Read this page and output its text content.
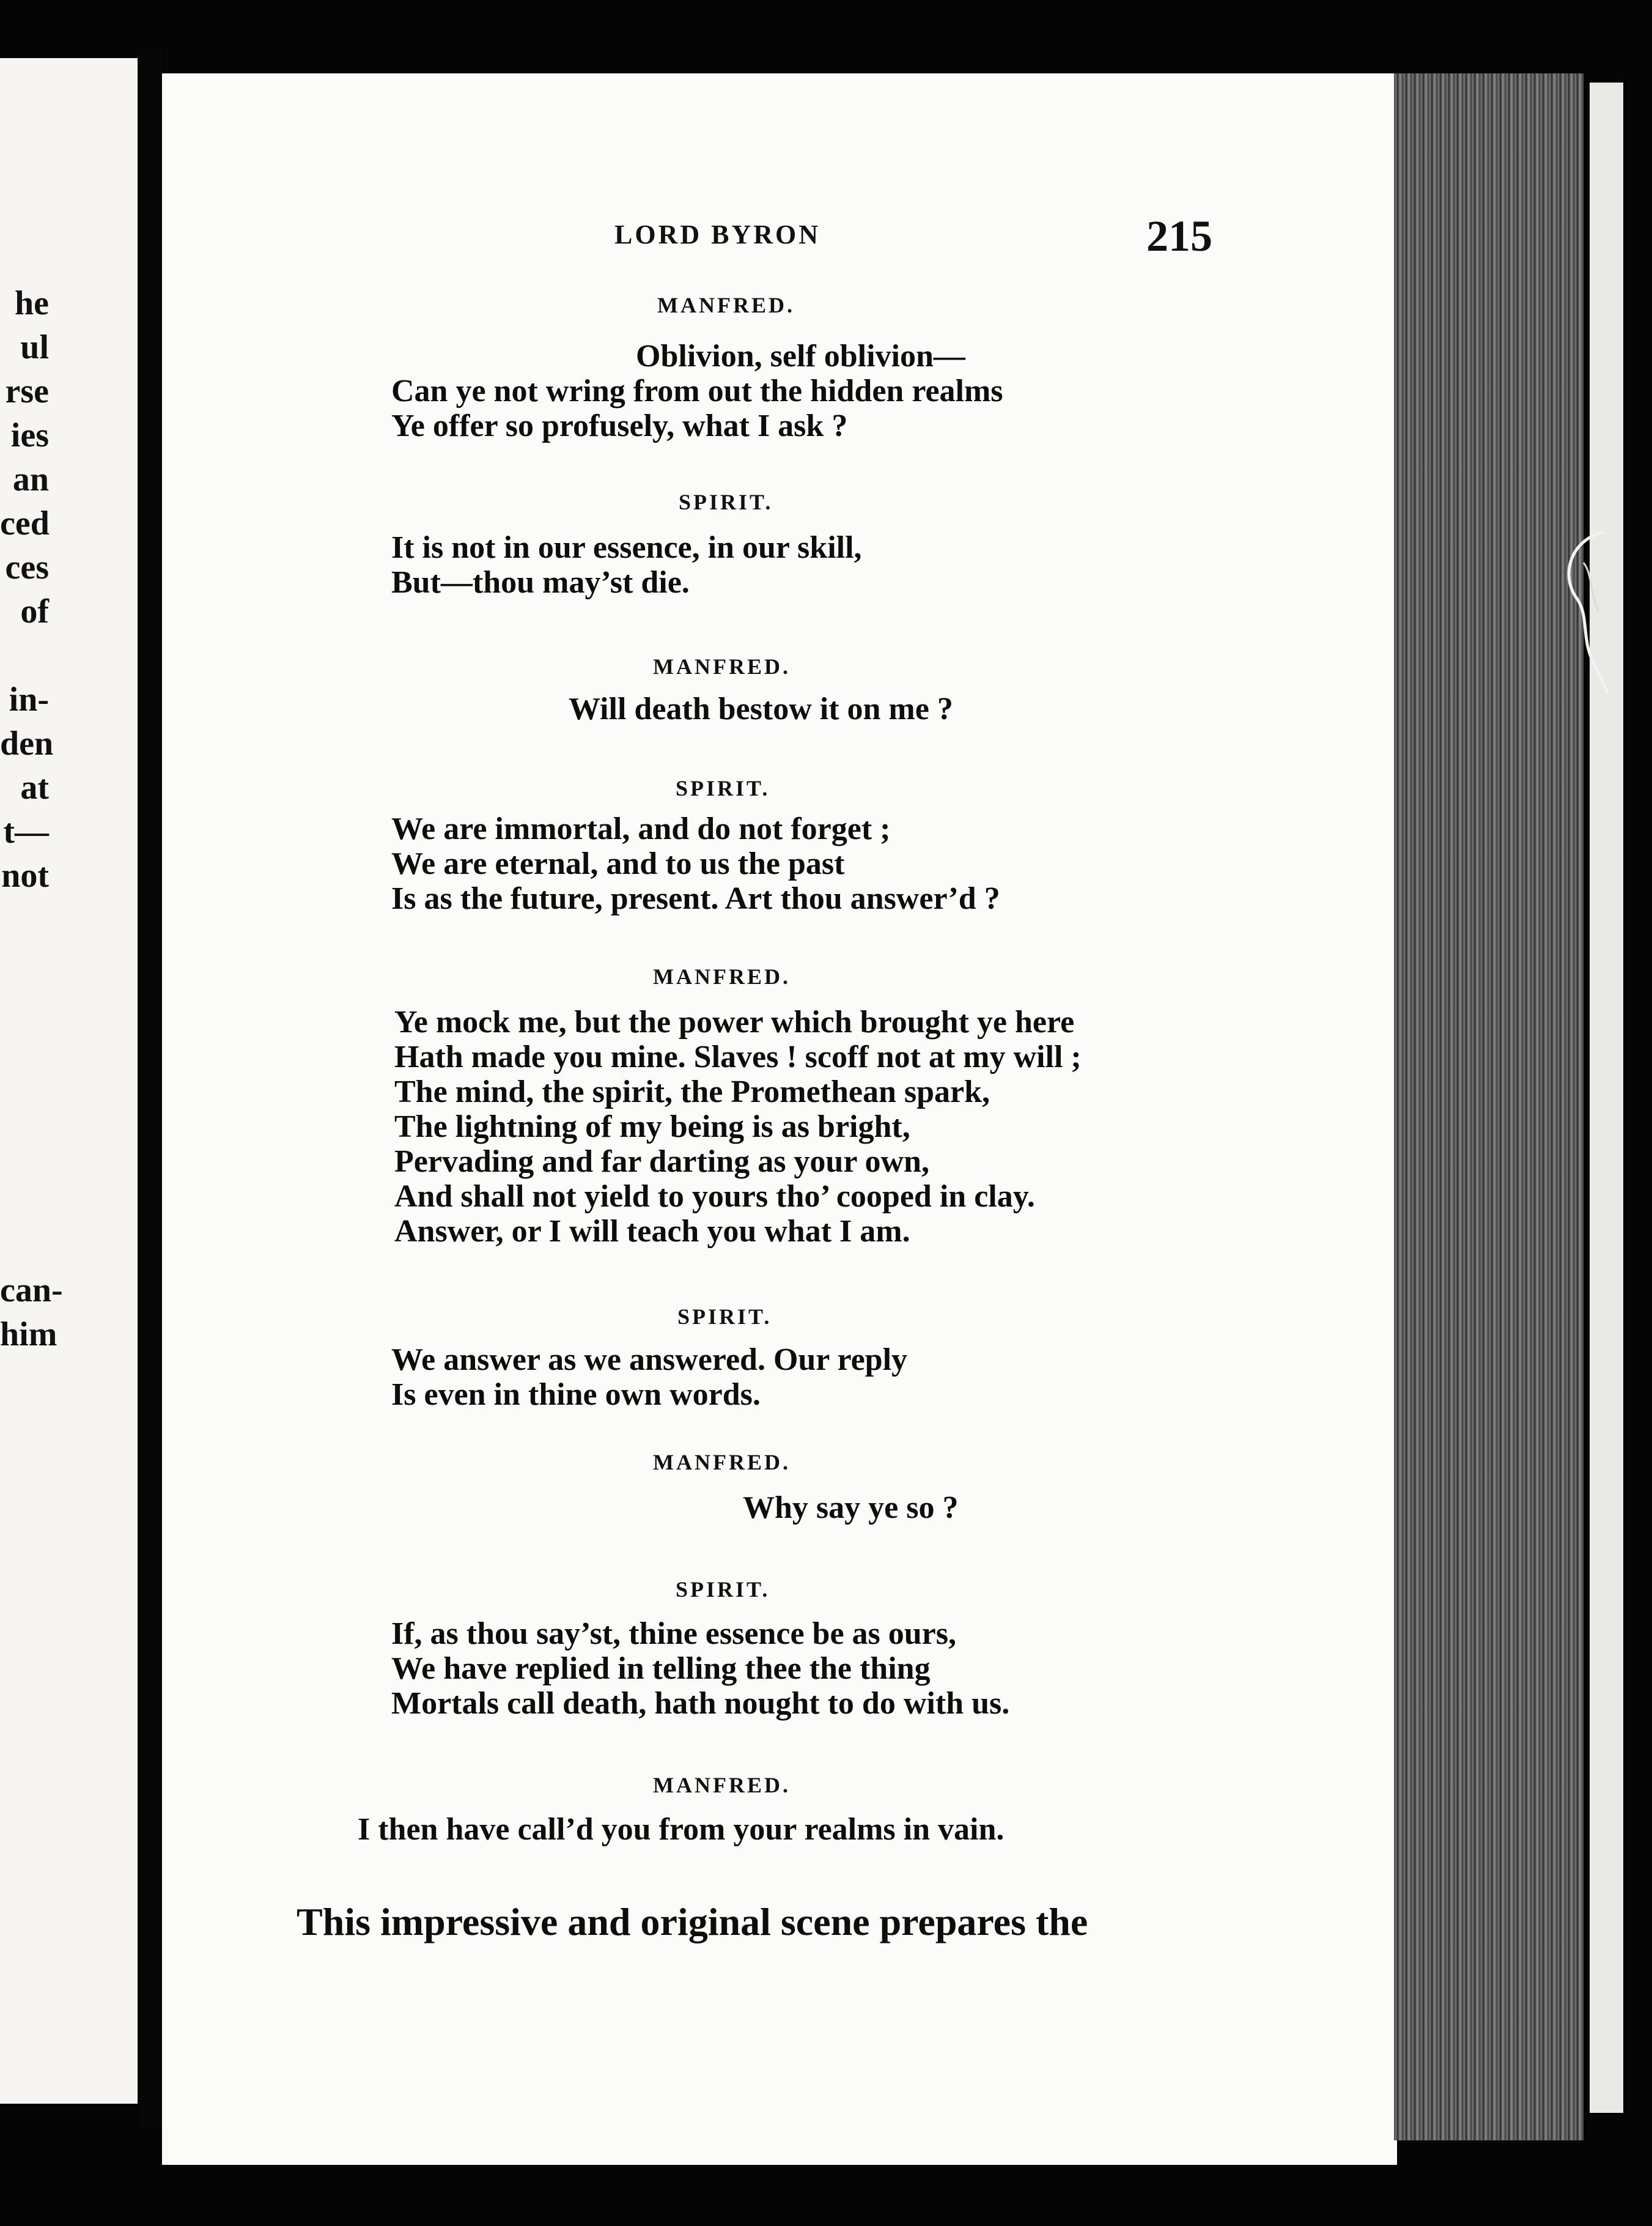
he
ul
rse
ies
an
ced
ces
of
in-
den
at
t—
not
can-
him
LORD BYRON	215
MANFRED.
Oblivion, self oblivion—
Can ye not wring from out the hidden realms
Ye offer so profusely, what I ask ?
SPIRIT.
It is not in our essence, in our skill,
But—thou may’st die.
MANFRED.
Will death bestow it on me ?
SPIRIT.
We are immortal, and do not forget ;
We are eternal, and to us the past
Is as the future, present. Art thou answer’d ?
MANFRED.
Ye mock me, but the power which brought ye here
Hath made you mine. Slaves ! scoff not at my will ;
The mind, the spirit, the Promethean spark,
The lightning of my being is as bright,
Pervading and far darting as your own,
And shall not yield to yours tho’ cooped in clay.
Answer, or I will teach you what I am.
SPIRIT.
We answer as we answered. Our reply
Is even in thine own words.
MANFRED.
Why say ye so ?
SPIRIT.
If, as thou say’st, thine essence be as ours,
We have replied in telling thee the thing
Mortals call death, hath nought to do with us.
MANFRED.
I then have call’d you from your realms in vain.
This impressive and original scene prepares the
